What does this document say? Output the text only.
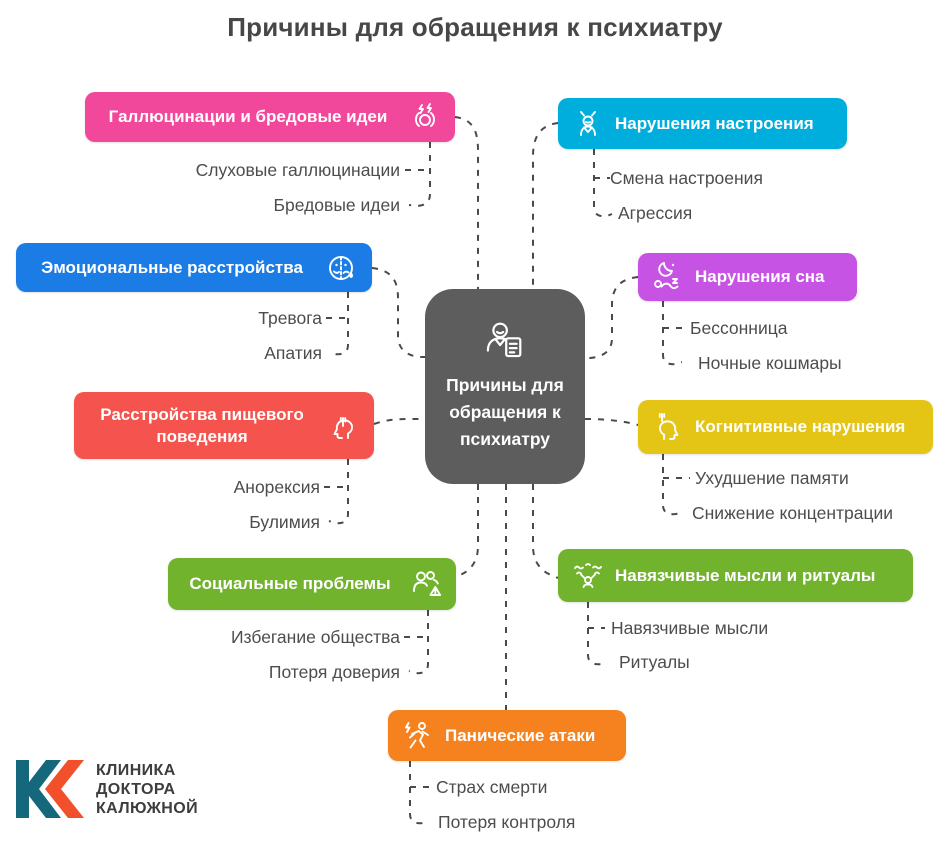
Причины для обращения к психиатру
Причины для обращения к психиатру
Галлюцинации и бредовые идеи	Нарушения настроения
Эмоциональные расстройства	Нарушения сна
Расстройства пищевого поведения	Когнитивные нарушения
Социальные проблемы	Навязчивые мысли и ритуалы
Панические атаки
Слуховые галлюцинации
Бредовые идеи
Тревога
Апатия
Анорексия
Булимия
Избегание общества
Потеря доверия
Смена настроения
Агрессия
Бессонница
Ночные кошмары
Ухудшение памяти
Снижение концентрации
Навязчивые мысли
Ритуалы
Страх смерти
Потеря контроля
КЛИНИКА
ДОКТОРА
КАЛЮЖНОЙ
